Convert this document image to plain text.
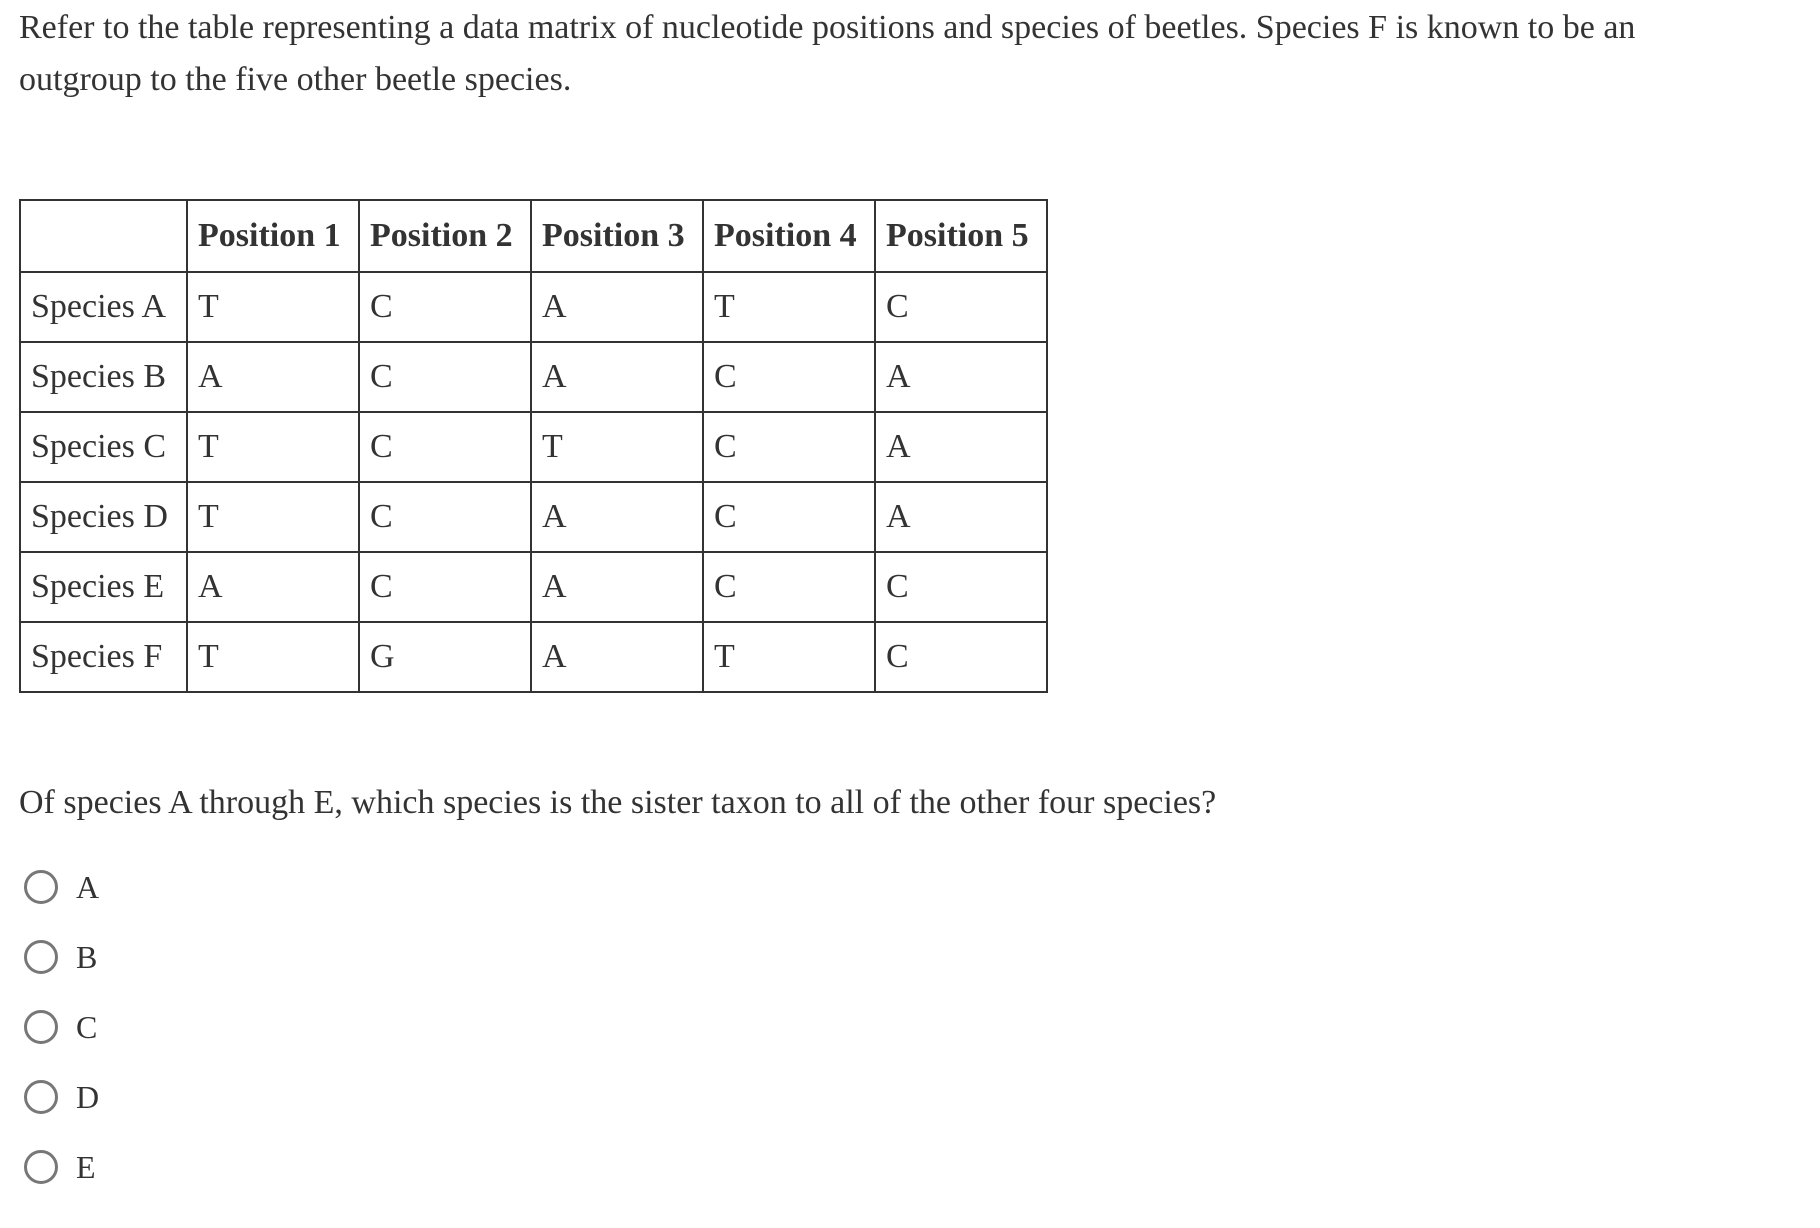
Refer to the table representing a data matrix of nucleotide positions and species of beetles. Species F is known to be an outgroup to the five other beetle species.

	Position 1	Position 2	Position 3	Position 4	Position 5
Species A	T	C	A	T	C
Species B	A	C	A	C	A
Species C	T	C	T	C	A
Species D	T	C	A	C	A
Species E	A	C	A	C	C
Species F	T	G	A	T	C

Of species A through E, which species is the sister taxon to all of the other four species?

A
B
C
D
E
